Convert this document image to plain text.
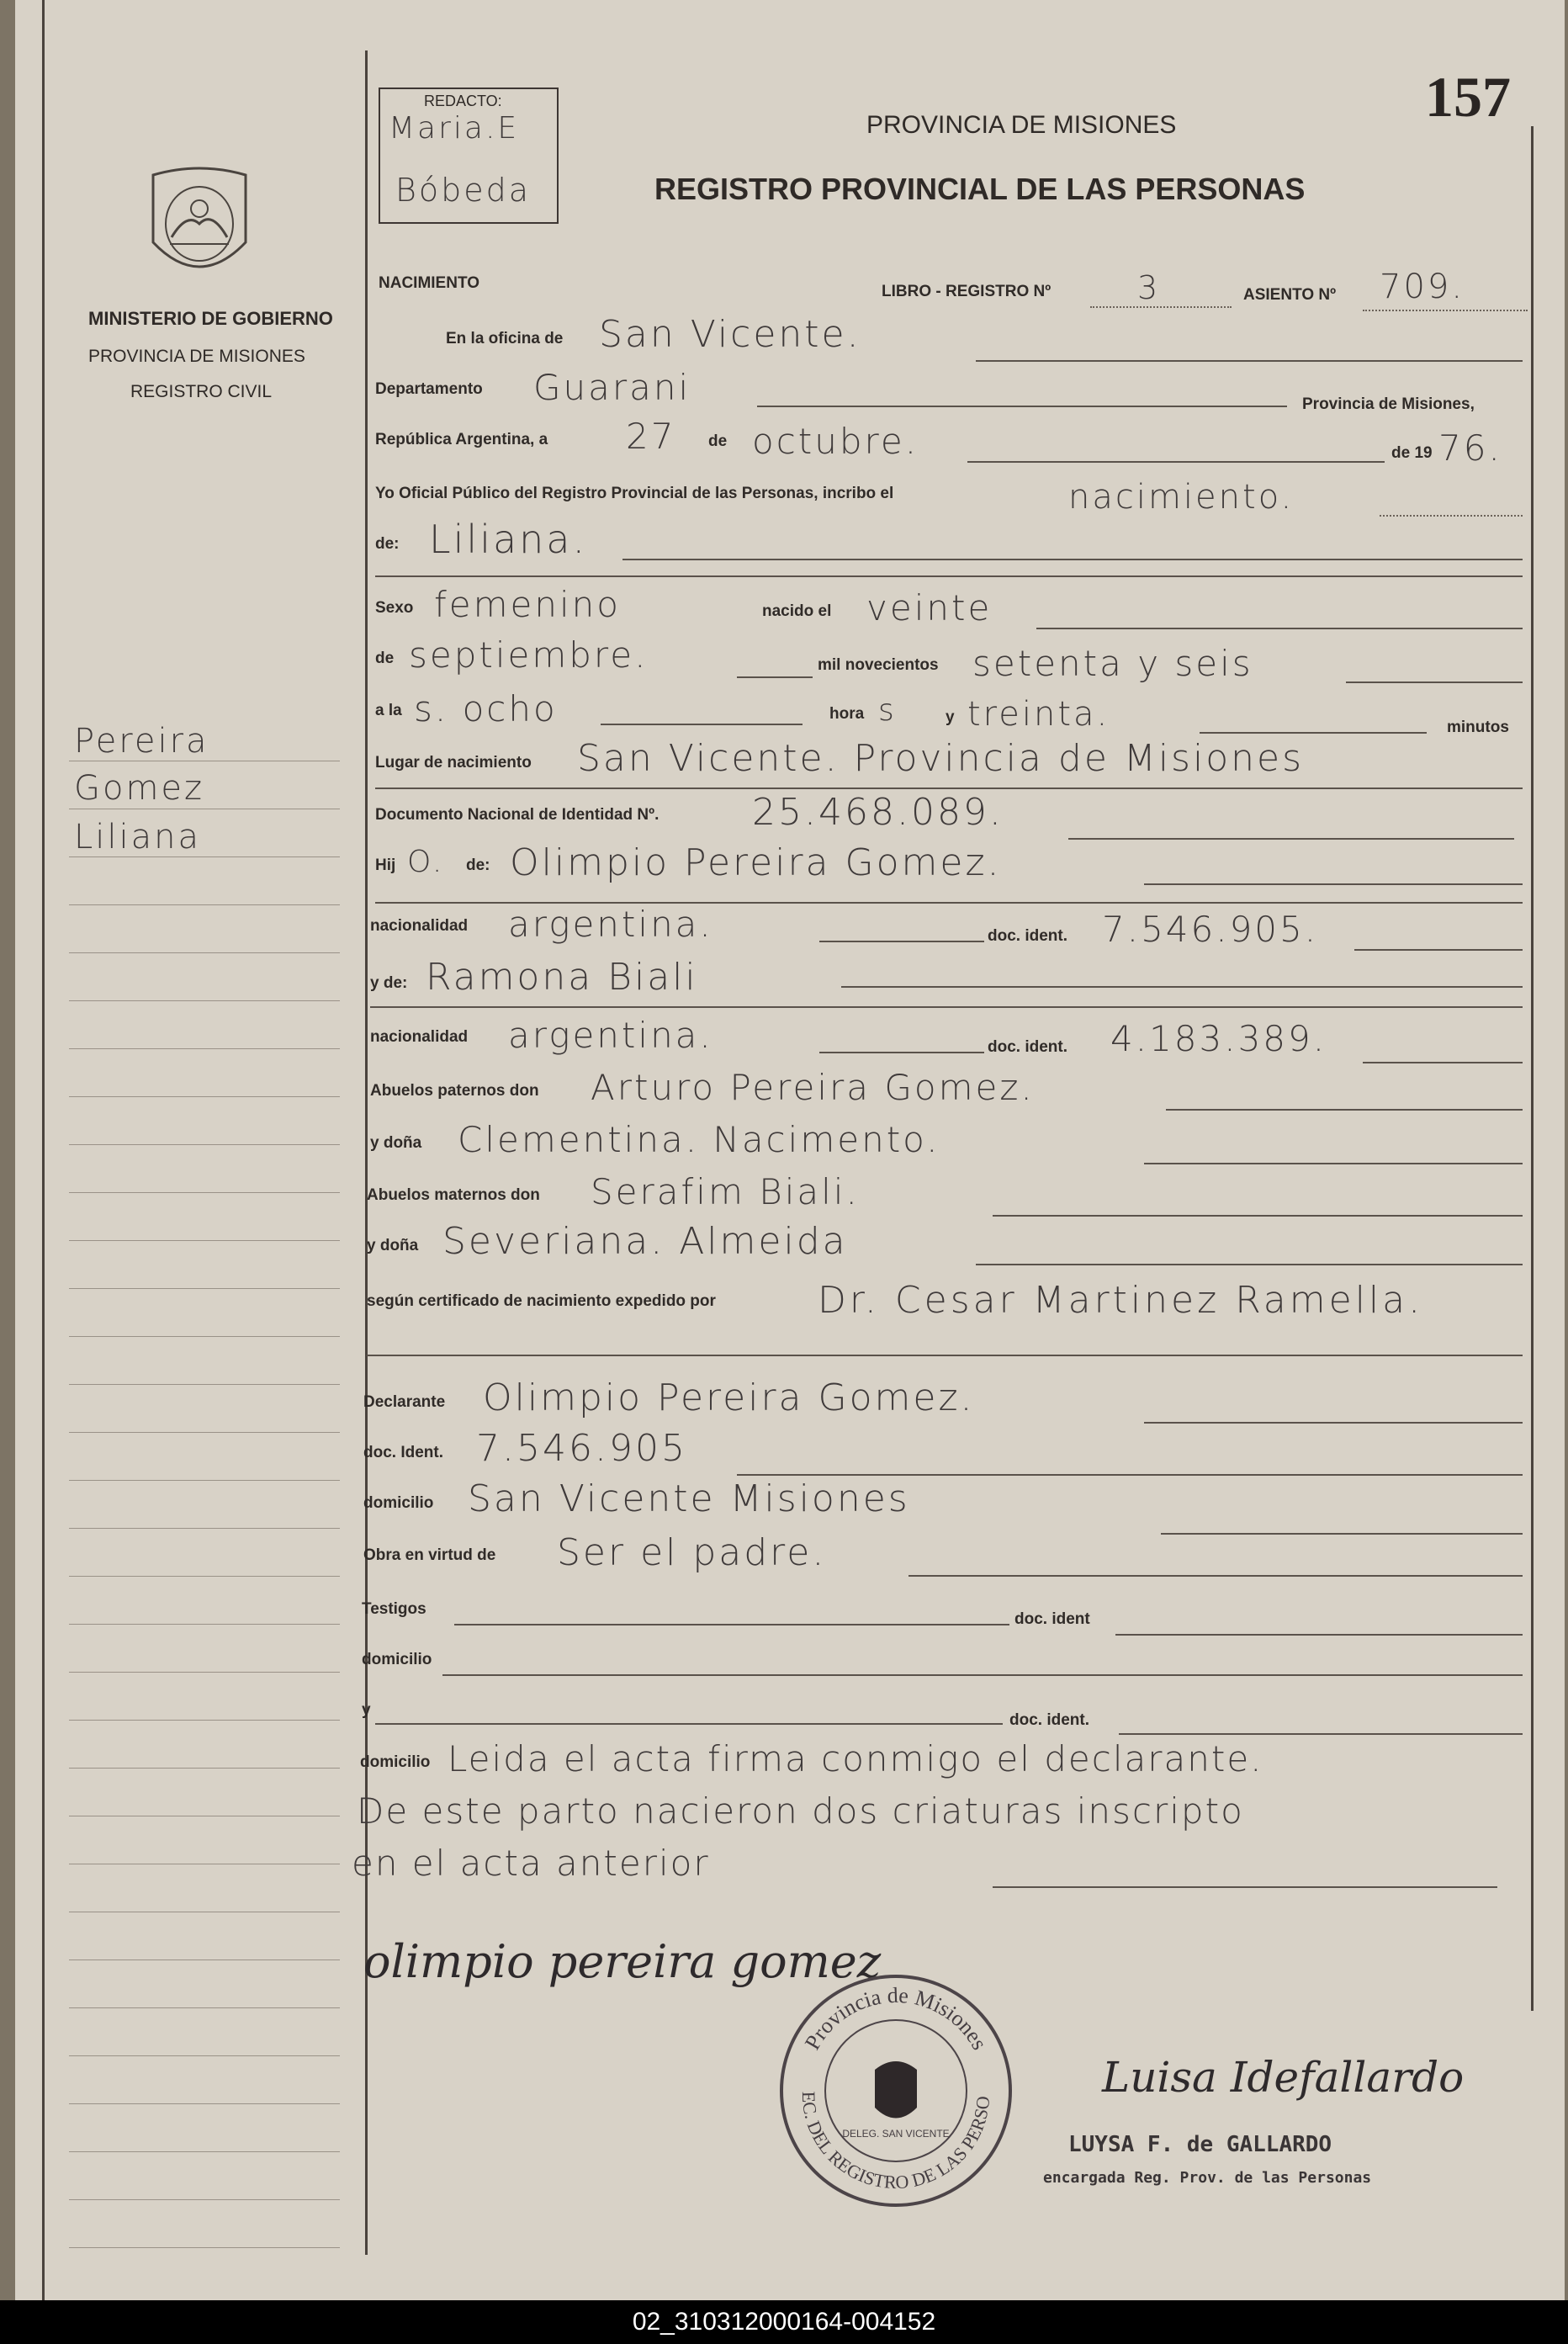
157
REDACTO:
Maria.E
Bóbeda
PROVINCIA DE MISIONES
REGISTRO PROVINCIAL DE LAS PERSONAS
MINISTERIO DE GOBIERNO
PROVINCIA DE MISIONES
REGISTRO CIVIL
Pereira
Gomez
Liliana
NACIMIENTO	LIBRO - REGISTRO Nº	3	ASIENTO Nº 709.
En la oficina de San Vicente.
Departamento Guarani	Provincia de Misiones,
República Argentina, a 27 de octubre.	de 19 76.
Yo Oficial Público del Registro Provincial de las Personas, incribo el	nacimiento.
de: Liliana.
Sexo femenino	nacido el veinte
de septiembre.	mil novecientos setenta y seis
a la s. ocho	hora s	y treinta.	minutos
Lugar de nacimiento San Vicente. Provincia de Misiones
Documento Nacional de Identidad Nº.	25.468.089.
Hij O. de: Olimpio Pereira Gomez.
nacionalidad argentina.	doc. ident. 7.546.905.
y de: Ramona Biali
nacionalidad argentina.	doc. ident. 4.183.389.
Abuelos paternos don Arturo Pereira Gomez.
y doña Clementina. Nacimento.
Abuelos maternos don Serafim Biali.
y doña Severiana. Almeida
según certificado de nacimiento expedido por	Dr. Cesar Martinez Ramella.
Declarante Olimpio Pereira Gomez.
doc. Ident. 7.546.905
domicilio San Vicente Misiones
Obra en virtud de Ser el padre.
Testigos
doc. ident
domicilio
y
doc. ident.
domicilio Leida el acta firma conmigo el declarante.
De este parto nacieron dos criaturas inscripto
en el acta anterior
olimpio pereira gomez
Provincia de Misiones
EC. DEL REGISTRO DE LAS PERSO
DELEG. SAN VICENTE
Luisa Idefallardo
LUYSA F. de GALLARDO
encargada Reg. Prov. de las Personas
02_310312000164-004152
